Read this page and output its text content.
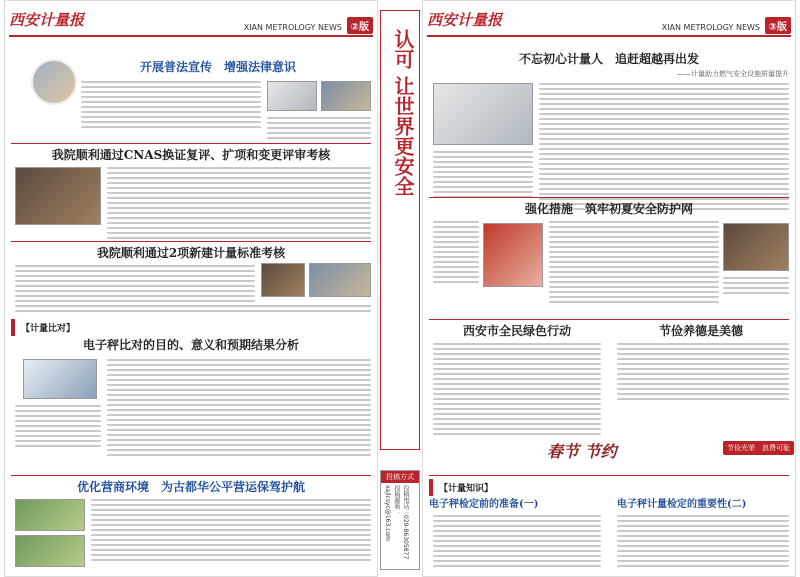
西安计量报	XIAN METROLOGY NEWS ②版
开展普法宣传　增强法律意识
我院顺利通过CNAS换证复评、扩项和变更评审考核
我院顺利通过2项新建计量标准考核
【计量比对】
电子秤比对的目的、意义和预期结果分析
优化营商环境　为古都华公平营运保驾护航
认可 让世界更安全
投稿方式
投稿电话：029-86305877 投稿邮箱：xajlcsyc@163.com
西安计量报	XIAN METROLOGY NEWS ③版
不忘初心计量人　追赶超越再出发
——计量助力燃气安全设施质量提升
强化措施　筑牢初夏安全防护网
西安市全民绿色行动	节俭养德是美德
春节 节约	节俭光荣　浪费可耻
【计量知识】
电子秤检定前的准备(一)	电子秤计量检定的重要性(二)
